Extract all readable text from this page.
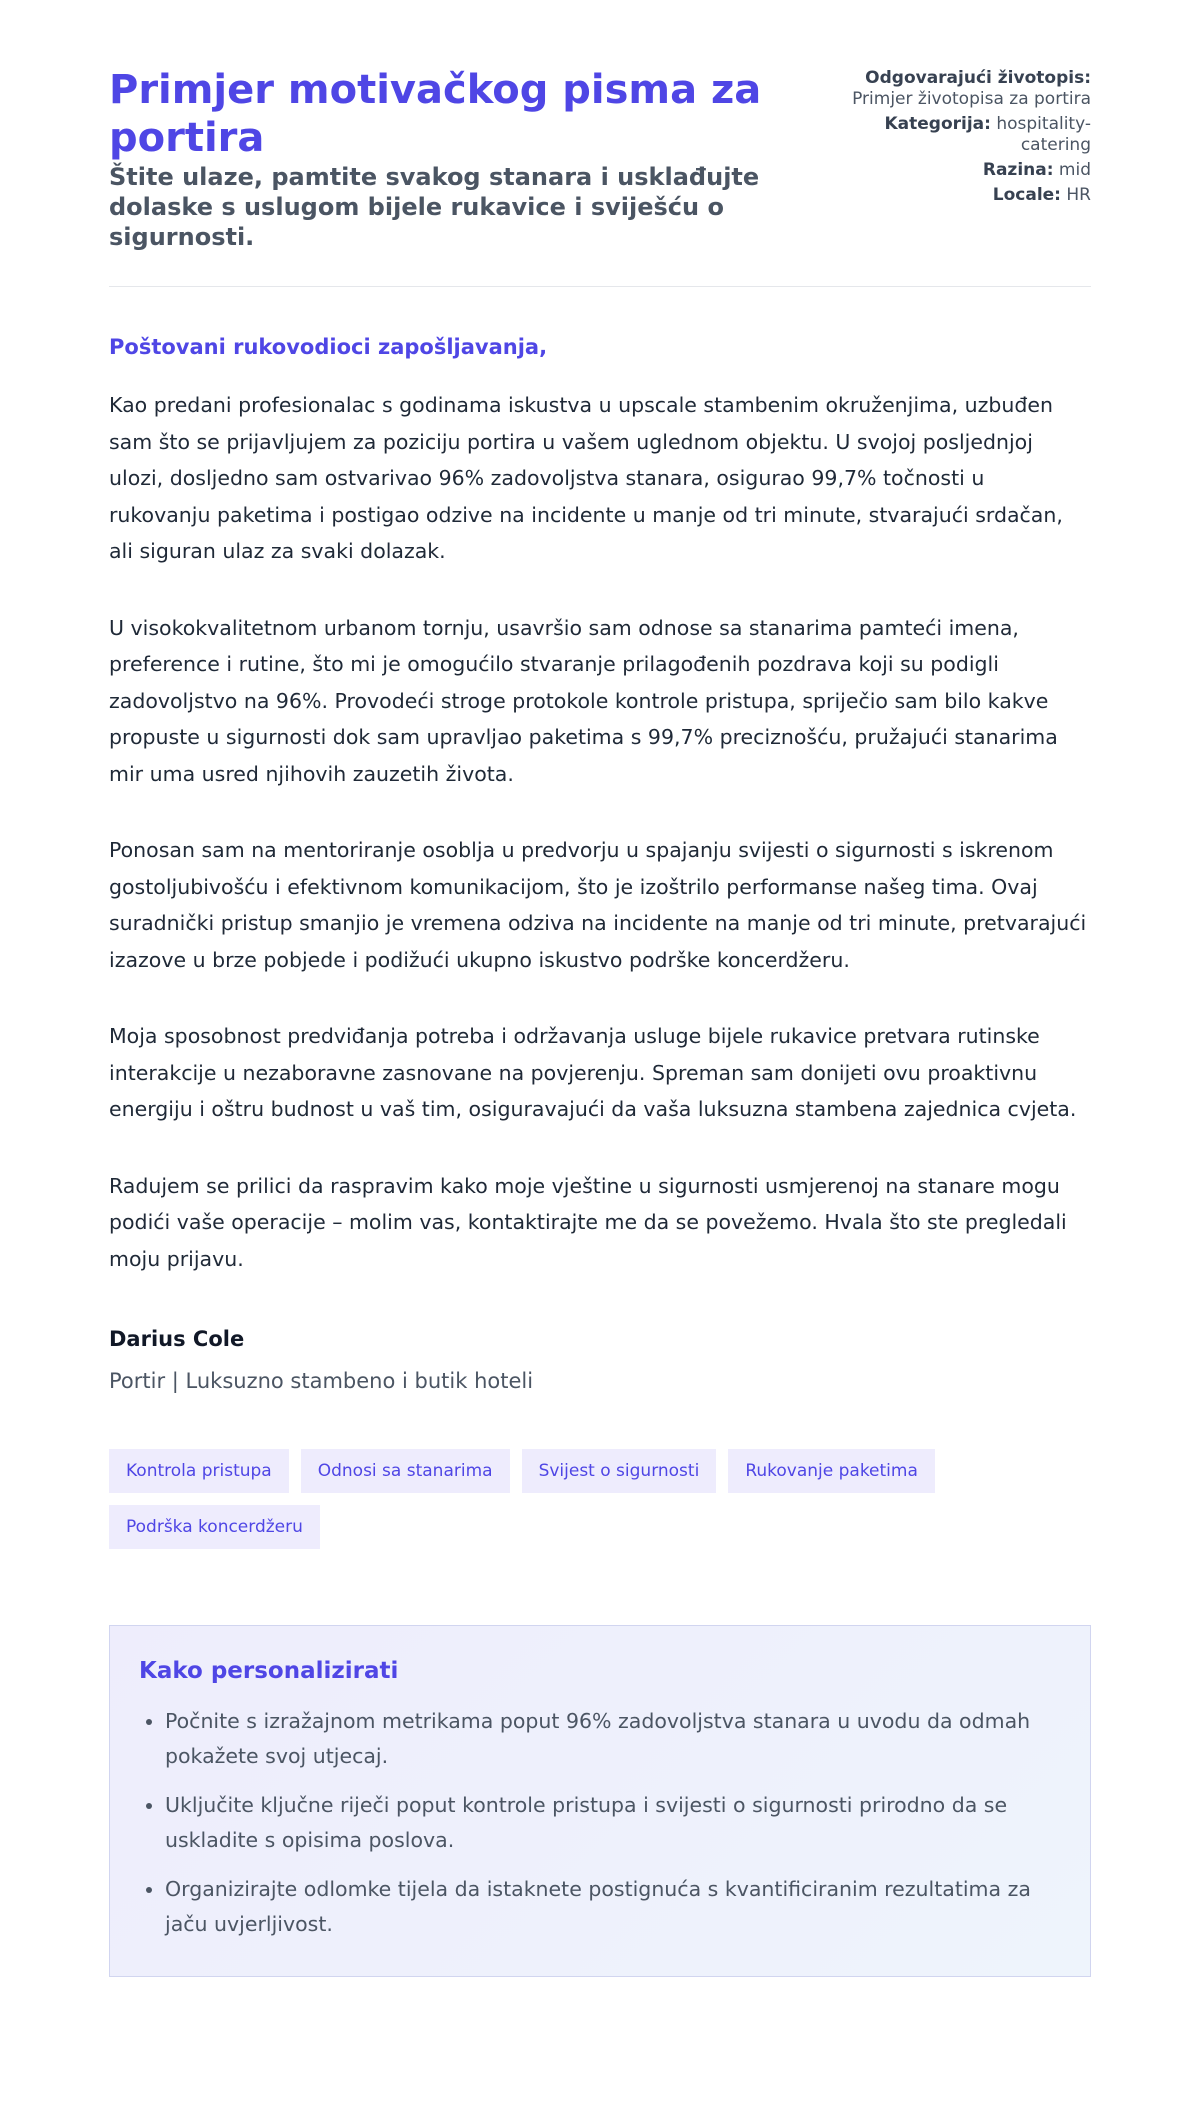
Primjer motivačkog pisma za portira
Štite ulaze, pamtite svakog stanara i usklađujte dolaske s uslugom bijele rukavice i sviješću o sigurnosti.
Odgovarajući životopis: Primjer životopisa za portira
Kategorija: hospitality-catering
Razina: mid
Locale: HR

Poštovani rukovodioci zapošljavanja,

Kao predani profesionalac s godinama iskustva u upscale stambenim okruženjima, uzbuđen sam što se prijavljujem za poziciju portira u vašem uglednom objektu. U svojoj posljednjoj ulozi, dosljedno sam ostvarivao 96% zadovoljstva stanara, osigurao 99,7% točnosti u rukovanju paketima i postigao odzive na incidente u manje od tri minute, stvarajući srdačan, ali siguran ulaz za svaki dolazak.

U visokokvalitetnom urbanom tornju, usavršio sam odnose sa stanarima pamteći imena, preference i rutine, što mi je omogućilo stvaranje prilagođenih pozdrava koji su podigli zadovoljstvo na 96%. Provodeći stroge protokole kontrole pristupa, spriječio sam bilo kakve propuste u sigurnosti dok sam upravljao paketima s 99,7% preciznošću, pružajući stanarima mir uma usred njihovih zauzetih života.

Ponosan sam na mentoriranje osoblja u predvorju u spajanju svijesti o sigurnosti s iskrenom gostoljubivošću i efektivnom komunikacijom, što je izoštrilo performanse našeg tima. Ovaj suradnički pristup smanjio je vremena odziva na incidente na manje od tri minute, pretvarajući izazove u brze pobjede i podižući ukupno iskustvo podrške koncerdžeru.

Moja sposobnost predviđanja potreba i održavanja usluge bijele rukavice pretvara rutinske interakcije u nezaboravne zasnovane na povjerenju. Spreman sam donijeti ovu proaktivnu energiju i oštru budnost u vaš tim, osiguravajući da vaša luksuzna stambena zajednica cvjeta.

Radujem se prilici da raspravim kako moje vještine u sigurnosti usmjerenoj na stanare mogu podići vaše operacije – molim vas, kontaktirajte me da se povežemo. Hvala što ste pregledali moju prijavu.

Darius Cole
Portir | Luksuzno stambeno i butik hoteli
Kontrola pristupa	Odnosi sa stanarima	Svijest o sigurnosti	Rukovanje paketima
Podrška koncerdžeru
Kako personalizirati
• Počnite s izražajnom metrikama poput 96% zadovoljstva stanara u uvodu da odmah pokažete svoj utjecaj.
• Uključite ključne riječi poput kontrole pristupa i svijesti o sigurnosti prirodno da se uskladite s opisima poslova.
• Organizirajte odlomke tijela da istaknete postignuća s kvantificiranim rezultatima za jaču uvjerljivost.
